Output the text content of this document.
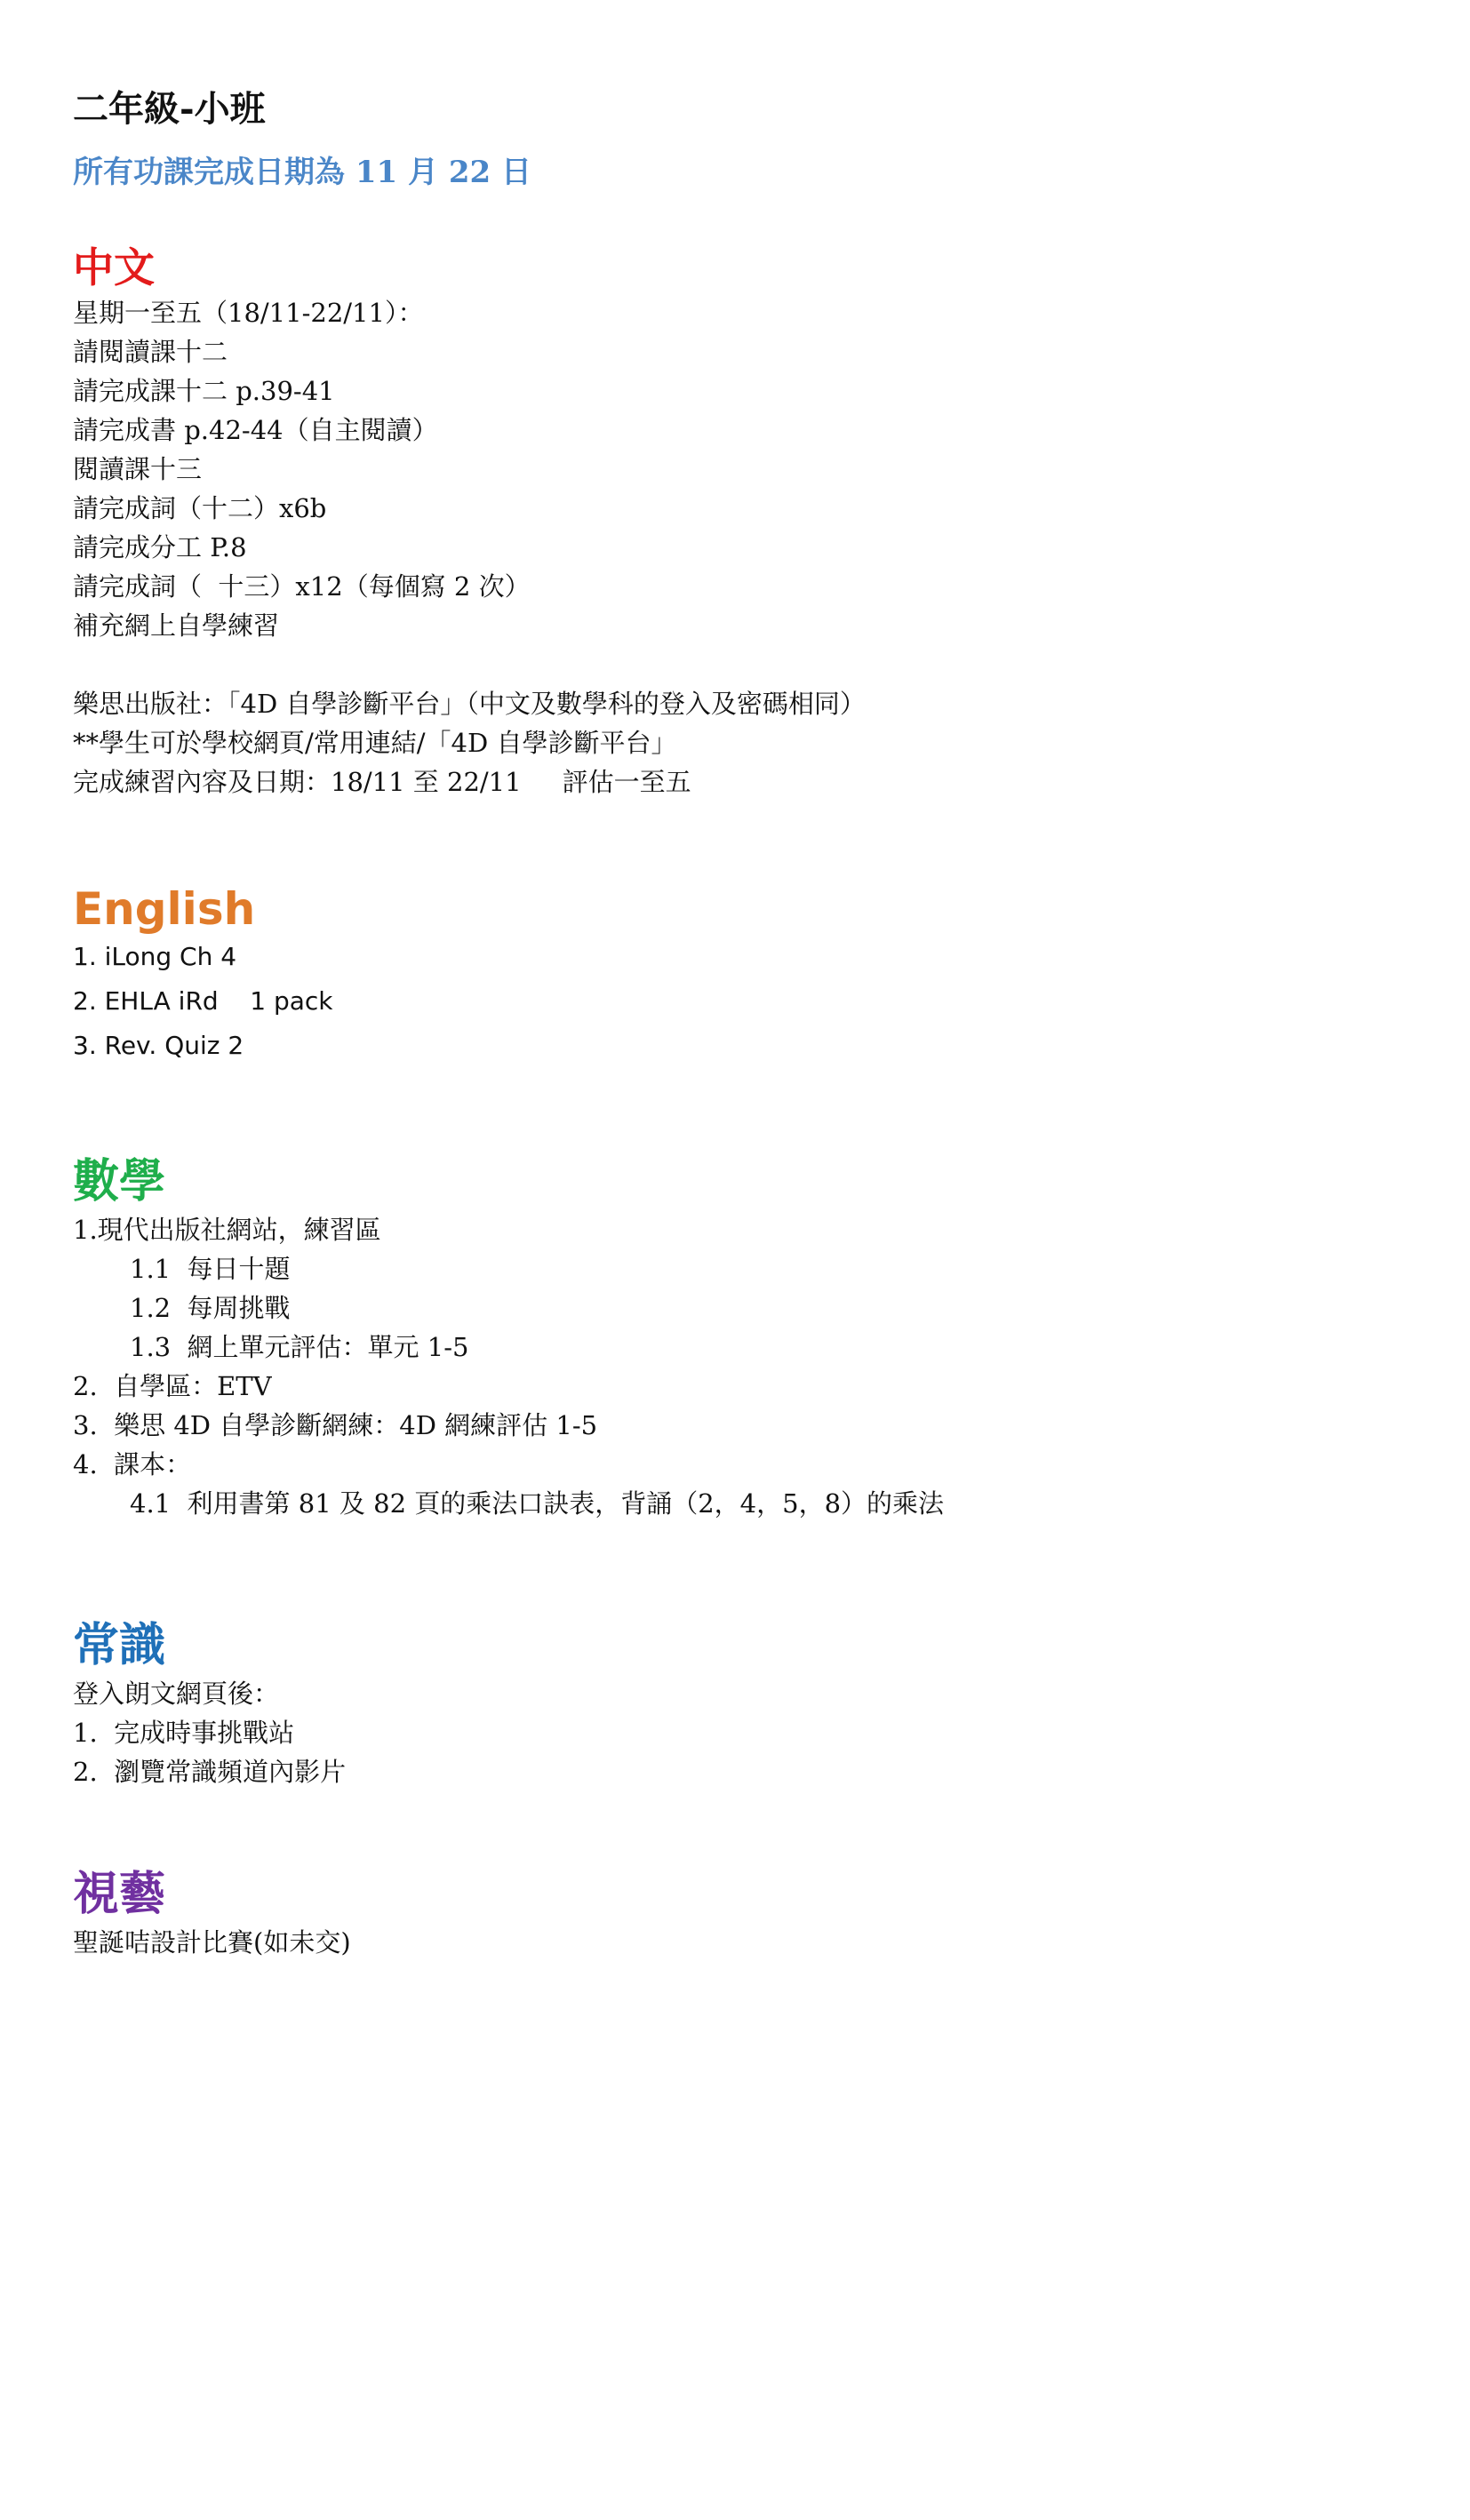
二年級-小班
所有功課完成日期為 11 月 22 日
中文
星期一至五（18/11-22/11）：
請閱讀課十二
請完成課十二 p.39-41
請完成書 p.42-44（自主閱讀）
閱讀課十三
請完成詞（十二）x6b
請完成分工 P.8
請完成詞（  十三）x12（每個寫 2 次）
補充網上自學練習
樂思出版社：「4D 自學診斷平台」（中文及數學科的登入及密碼相同）
**學生可於學校網頁/常用連結/「4D 自學診斷平台」
完成練習內容及日期：18/11 至 22/11     評估一至五
English
1. iLong Ch 4
2. EHLA iRd    1 pack
3. Rev. Quiz 2
數學
1.現代出版社網站，練習區
1.1  每日十題
1.2  每周挑戰
1.3  網上單元評估：單元 1-5
2.  自學區：ETV
3.  樂思 4D 自學診斷網練：4D 網練評估 1-5
4.  課本：
4.1  利用書第 81 及 82 頁的乘法口訣表，背誦（2，4，5，8）的乘法
常識
登入朗文網頁後：
1.  完成時事挑戰站
2.  瀏覽常識頻道內影片
視藝
聖誕咭設計比賽(如未交)
